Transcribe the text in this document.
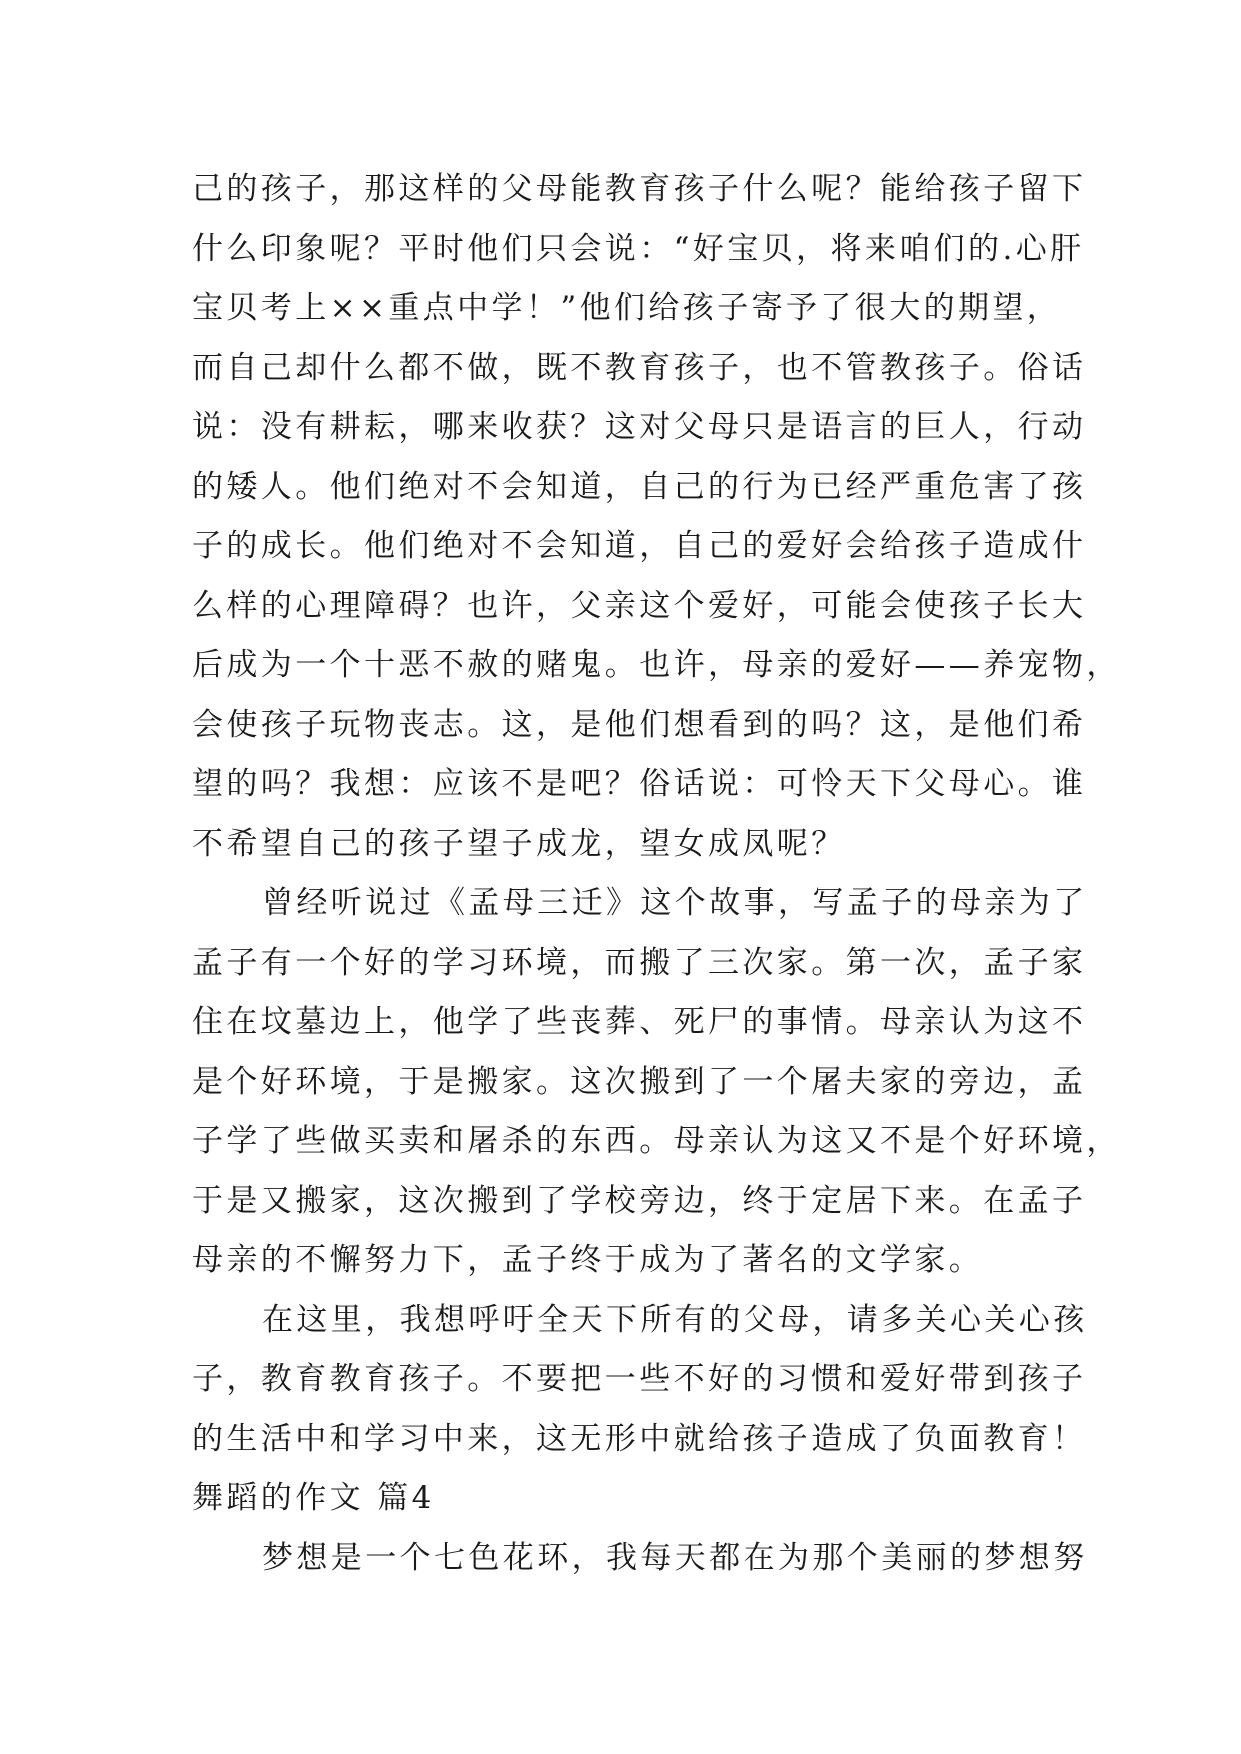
己的孩子，那这样的父母能教育孩子什么呢？能给孩子留下
什么印象呢？平时他们只会说：“好宝贝，将来咱们的.心肝
宝贝考上××重点中学！”他们给孩子寄予了很大的期望，
而自己却什么都不做，既不教育孩子，也不管教孩子。俗话
说：没有耕耘，哪来收获？这对父母只是语言的巨人，行动
的矮人。他们绝对不会知道，自己的行为已经严重危害了孩
子的成长。他们绝对不会知道，自己的爱好会给孩子造成什
么样的心理障碍？也许，父亲这个爱好，可能会使孩子长大
后成为一个十恶不赦的赌鬼。也许，母亲的爱好——养宠物，
会使孩子玩物丧志。这，是他们想看到的吗？这，是他们希
望的吗？我想：应该不是吧？俗话说：可怜天下父母心。谁
不希望自己的孩子望子成龙，望女成凤呢？
曾经听说过《孟母三迁》这个故事，写孟子的母亲为了
孟子有一个好的学习环境，而搬了三次家。第一次，孟子家
住在坟墓边上，他学了些丧葬、死尸的事情。母亲认为这不
是个好环境，于是搬家。这次搬到了一个屠夫家的旁边，孟
子学了些做买卖和屠杀的东西。母亲认为这又不是个好环境，
于是又搬家，这次搬到了学校旁边，终于定居下来。在孟子
母亲的不懈努力下，孟子终于成为了著名的文学家。
在这里，我想呼吁全天下所有的父母，请多关心关心孩
子，教育教育孩子。不要把一些不好的习惯和爱好带到孩子
的生活中和学习中来，这无形中就给孩子造成了负面教育！
舞蹈的作文 篇4
梦想是一个七色花环，我每天都在为那个美丽的梦想努
